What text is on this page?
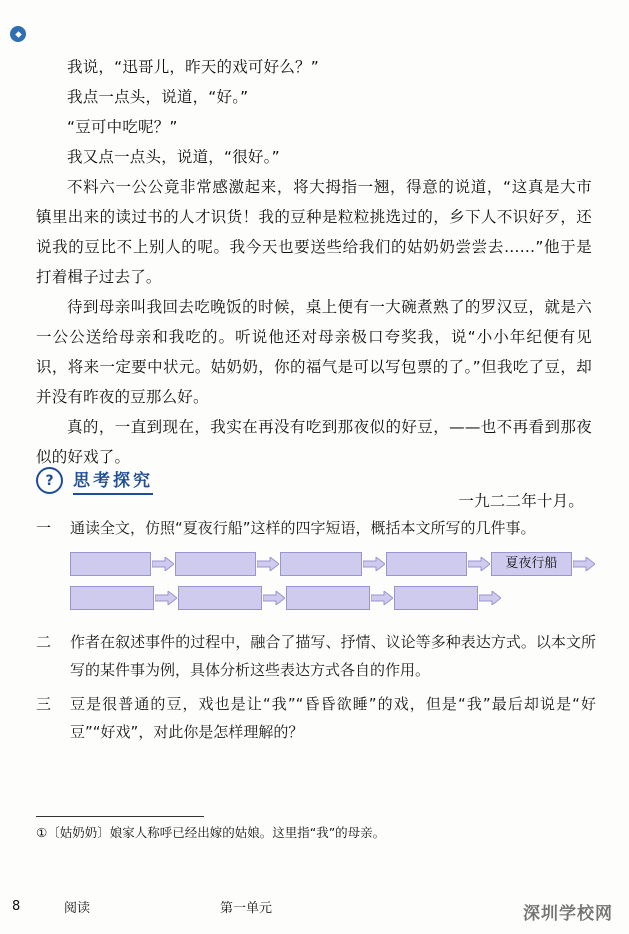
我说，“迅哥儿，昨天的戏可好么？”

我点一点头，说道，“好。”

“豆可中吃呢？”

我又点一点头，说道，“很好。”

不料六一公公竟非常感激起来，将大拇指一翘，得意的说道，“这真是大市镇里出来的读过书的人才识货！我的豆种是粒粒挑选过的，乡下人不识好歹，还说我的豆比不上别人的呢。我今天也要送些给我们的姑奶奶尝尝去……”他于是打着楫子过去了。

待到母亲叫我回去吃晚饭的时候，桌上便有一大碗煮熟了的罗汉豆，就是六一公公送给母亲和我吃的。听说他还对母亲极口夸奖我，说“小小年纪便有见识，将来一定要中状元。姑奶奶，你的福气是可以写包票的了。”但我吃了豆，却并没有昨夜的豆那么好。

真的，一直到现在，我实在再没有吃到那夜似的好豆，——也不再看到那夜似的好戏了。

一九二二年十月。

?	思考探究
一	通读全文，仿照“夏夜行船”这样的四字短语，概括本文所写的几件事。
夏夜行船
二	作者在叙述事件的过程中，融合了描写、抒情、议论等多种表达方式。以本文所写的某件事为例，具体分析这些表达方式各自的作用。
三	豆是很普通的豆，戏也是让“我”“昏昏欲睡”的戏，但是“我”最后却说是“好豆”“好戏”，对此你是怎样理解的？
①〔姑奶奶〕娘家人称呼已经出嫁的姑娘。这里指“我”的母亲。
8	阅读	第一单元	深圳学校网
